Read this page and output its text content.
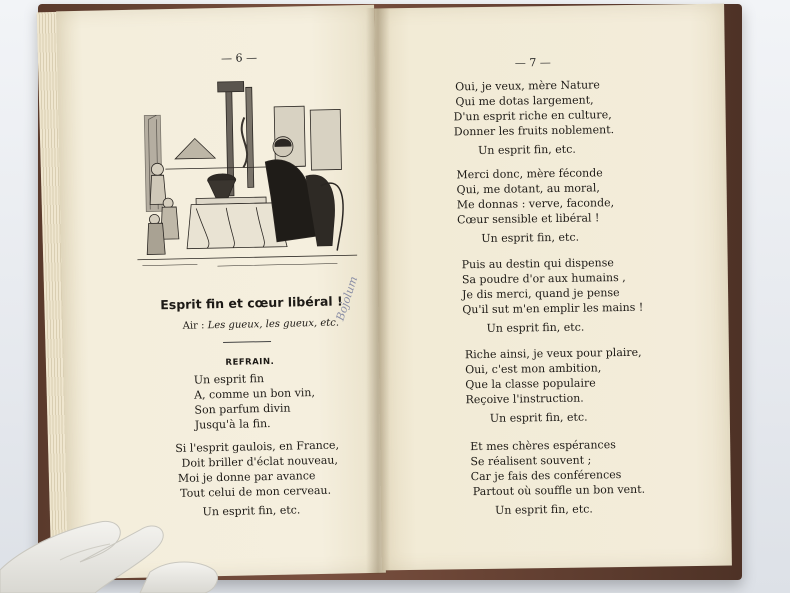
— 6 —
Esprit fin et cœur libéral !
Air : Les gueux, les gueux, etc.
REFRAIN.
Un esprit fin
A, comme un bon vin,
Son parfum divin
Jusqu'à la fin.
Si l'esprit gaulois, en France,
Doit briller d'éclat nouveau,
Moi je donne par avance
Tout celui de mon cerveau.
Un esprit fin, etc.
Bojolum
— 7 —
Oui, je veux, mère Nature
Qui me dotas largement,
D'un esprit riche en culture,
Donner les fruits noblement.
Un esprit fin, etc.
Merci donc, mère féconde
Qui, me dotant, au moral,
Me donnas : verve, faconde,
Cœur sensible et libéral !
Un esprit fin, etc.
Puis au destin qui dispense
Sa poudre d'or aux humains ,
Je dis merci, quand je pense
Qu'il sut m'en emplir les mains !
Un esprit fin, etc.
Riche ainsi, je veux pour plaire,
Oui, c'est mon ambition,
Que la classe populaire
Reçoive l'instruction.
Un esprit fin, etc.
Et mes chères espérances
Se réalisent souvent ;
Car je fais des conférences
Partout où souffle un bon vent.
Un esprit fin, etc.
